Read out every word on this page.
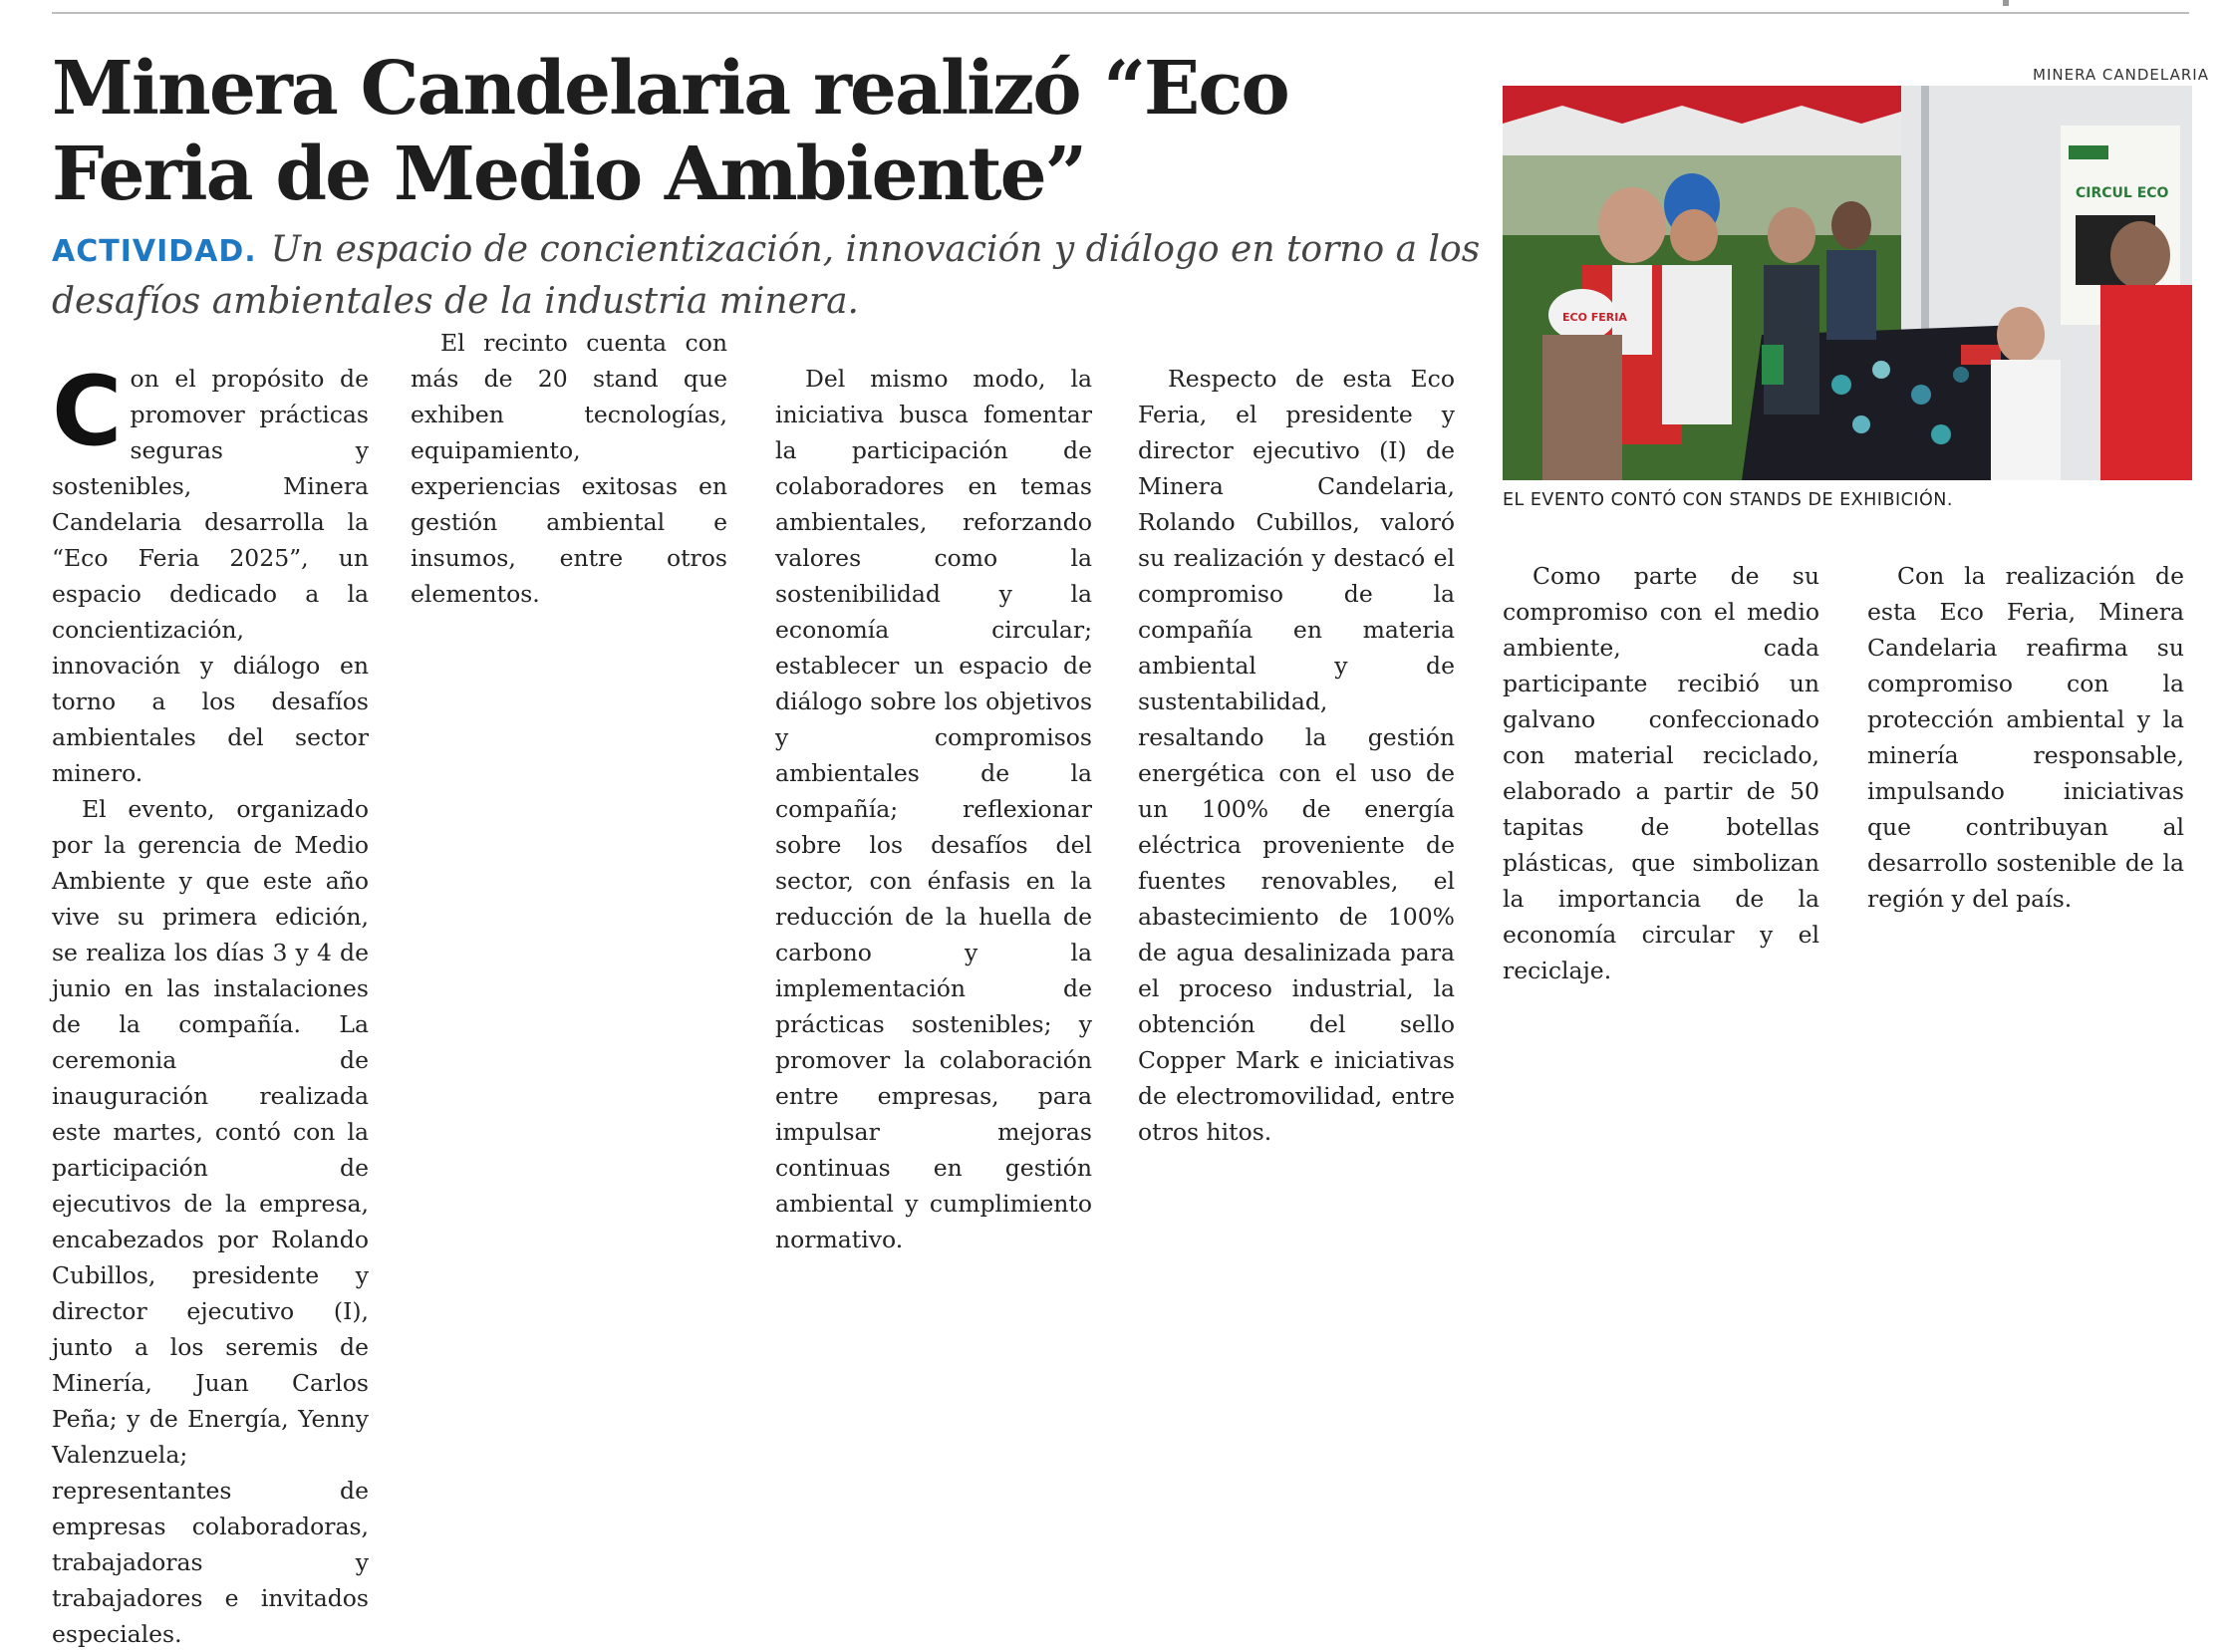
Minera Candelaria realizó “Eco Feria de Medio Ambiente”
ACTIVIDAD. Un espacio de concientización, innovación y diálogo en torno a los desafíos ambientales de la industria minera.
MINERA CANDELARIA
CIRCUL ECO
ECO FERIA
EL EVENTO CONTÓ CON STANDS DE EXHIBICIÓN.

Con el propósito de promover prácticas seguras y sostenibles, Minera Candelaria desarrolla la “Eco Feria 2025”, un espacio dedicado a la concientización, innovación y diálogo en torno a los desafíos ambientales del sector minero.

El evento, organizado por la gerencia de Medio Ambiente y que este año vive su primera edición, se realiza los días 3 y 4 de junio en las instalaciones de la compañía. La ceremonia de inauguración realizada este martes, contó con la participación de ejecutivos de la empresa, encabezados por Rolando Cubillos, presidente y director ejecutivo (I), junto a los seremis de Minería, Juan Carlos Peña; y de Energía, Yenny Valenzuela; representantes de empresas colaboradoras, trabajadoras y trabajadores e invitados especiales.

El recinto cuenta con más de 20 stand que exhiben tecnologías, equipamiento, experiencias exitosas en gestión ambiental e insumos, entre otros elementos.

Del mismo modo, la iniciativa busca fomentar la participación de colaboradores en temas ambientales, reforzando valores como la sostenibilidad y la economía circular; establecer un espacio de diálogo sobre los objetivos y compromisos ambientales de la compañía; reflexionar sobre los desafíos del sector, con énfasis en la reducción de la huella de carbono y la implementación de prácticas sostenibles; y promover la colaboración entre empresas, para impulsar mejoras continuas en gestión ambiental y cumplimiento normativo.

Respecto de esta Eco Feria, el presidente y director ejecutivo (I) de Minera Candelaria, Rolando Cubillos, valoró su realización y destacó el compromiso de la compañía en materia ambiental y de sustentabilidad, resaltando la gestión energética con el uso de un 100% de energía eléctrica proveniente de fuentes renovables, el abastecimiento de 100% de agua desalinizada para el proceso industrial, la obtención del sello Copper Mark e iniciativas de electromovilidad, entre otros hitos.

Como parte de su compromiso con el medio ambiente, cada participante recibió un galvano confeccionado con material reciclado, elaborado a partir de 50 tapitas de botellas plásticas, que simbolizan la importancia de la economía circular y el reciclaje.

Con la realización de esta Eco Feria, Minera Candelaria reafirma su compromiso con la protección ambiental y la minería responsable, impulsando iniciativas que contribuyan al desarrollo sostenible de la región y del país.
